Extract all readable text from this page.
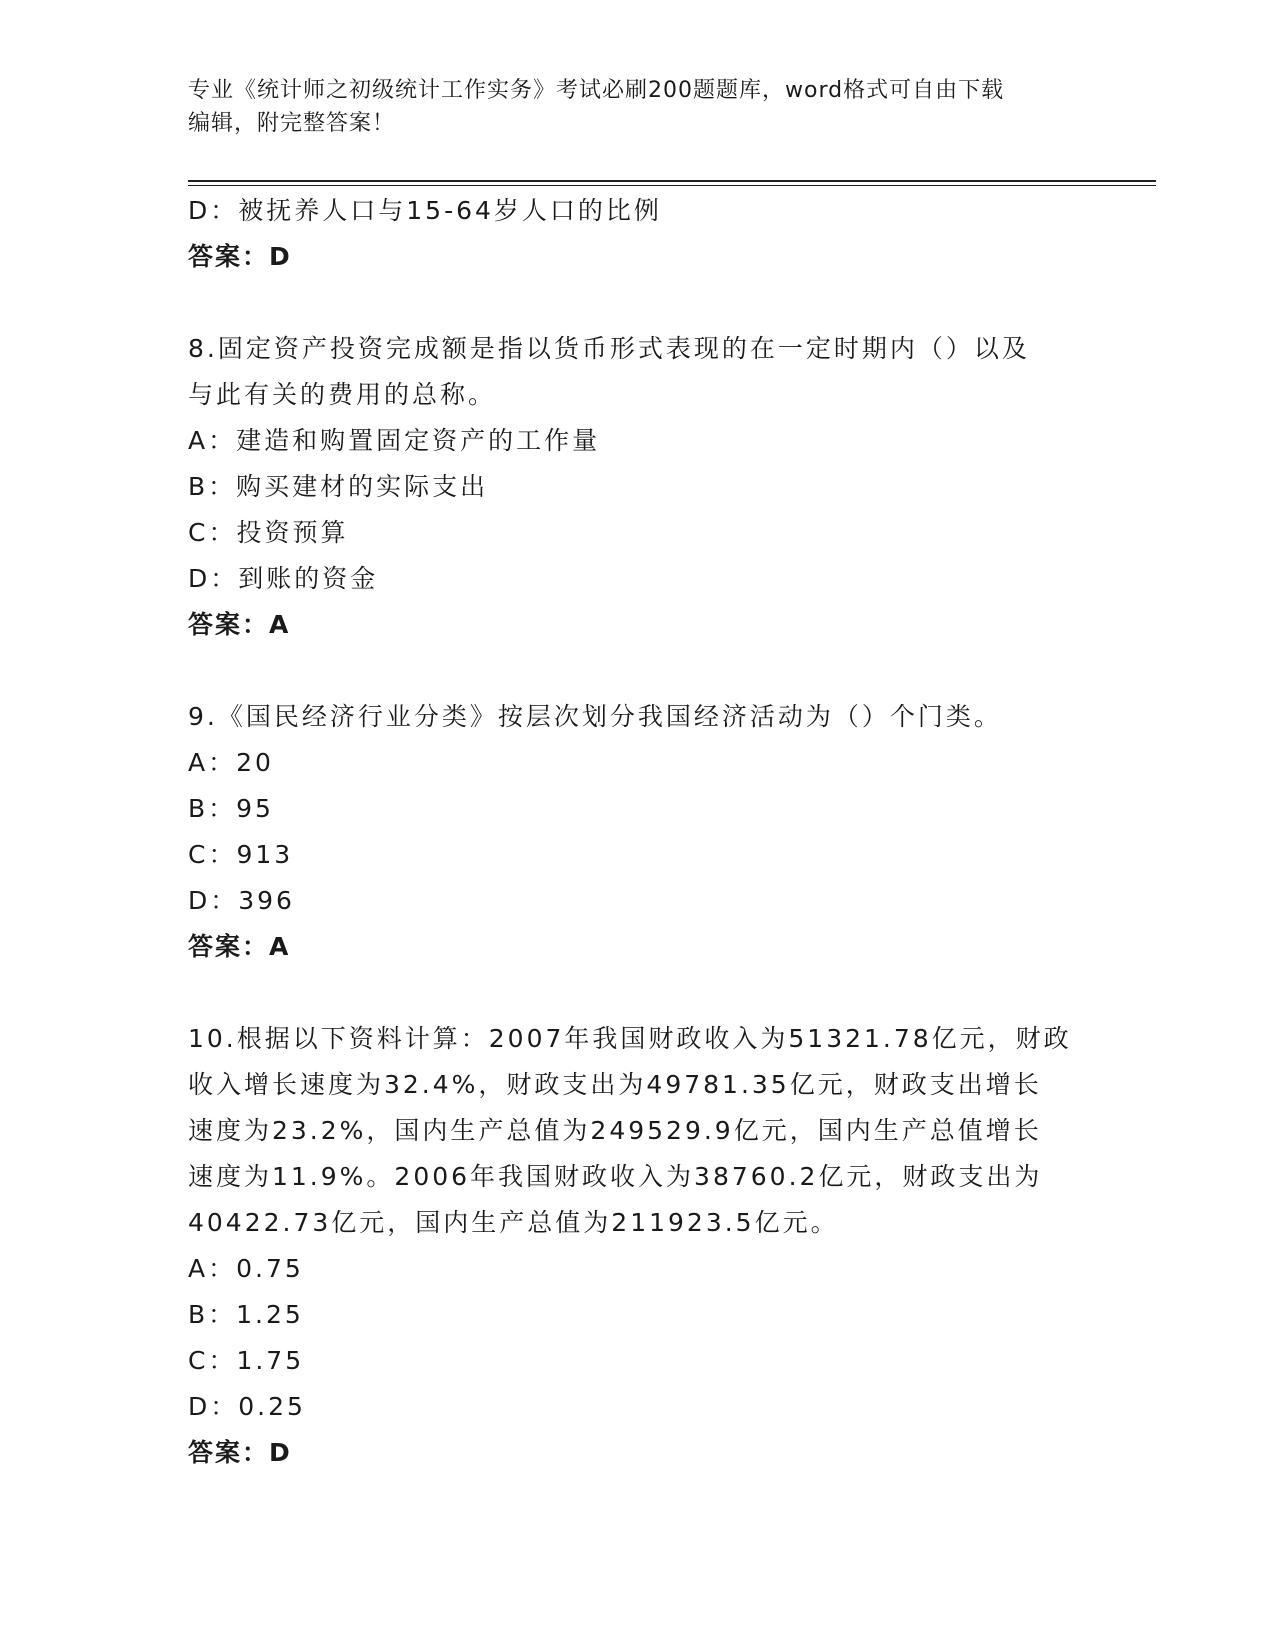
专业《统计师之初级统计工作实务》考试必刷200题题库，word格式可自由下载
编辑，附完整答案！
D：被抚养人口与15-64岁人口的比例
答案：D
8.固定资产投资完成额是指以货币形式表现的在一定时期内（）以及
与此有关的费用的总称。
A：建造和购置固定资产的工作量
B：购买建材的实际支出
C：投资预算
D：到账的资金
答案：A
9.《国民经济行业分类》按层次划分我国经济活动为（）个门类。
A：20
B：95
C：913
D：396
答案：A
10.根据以下资料计算：2007年我国财政收入为51321.78亿元，财政
收入增长速度为32.4%，财政支出为49781.35亿元，财政支出增长
速度为23.2%，国内生产总值为249529.9亿元，国内生产总值增长
速度为11.9%。2006年我国财政收入为38760.2亿元，财政支出为
40422.73亿元，国内生产总值为211923.5亿元。
A：0.75
B：1.25
C：1.75
D：0.25
答案：D
